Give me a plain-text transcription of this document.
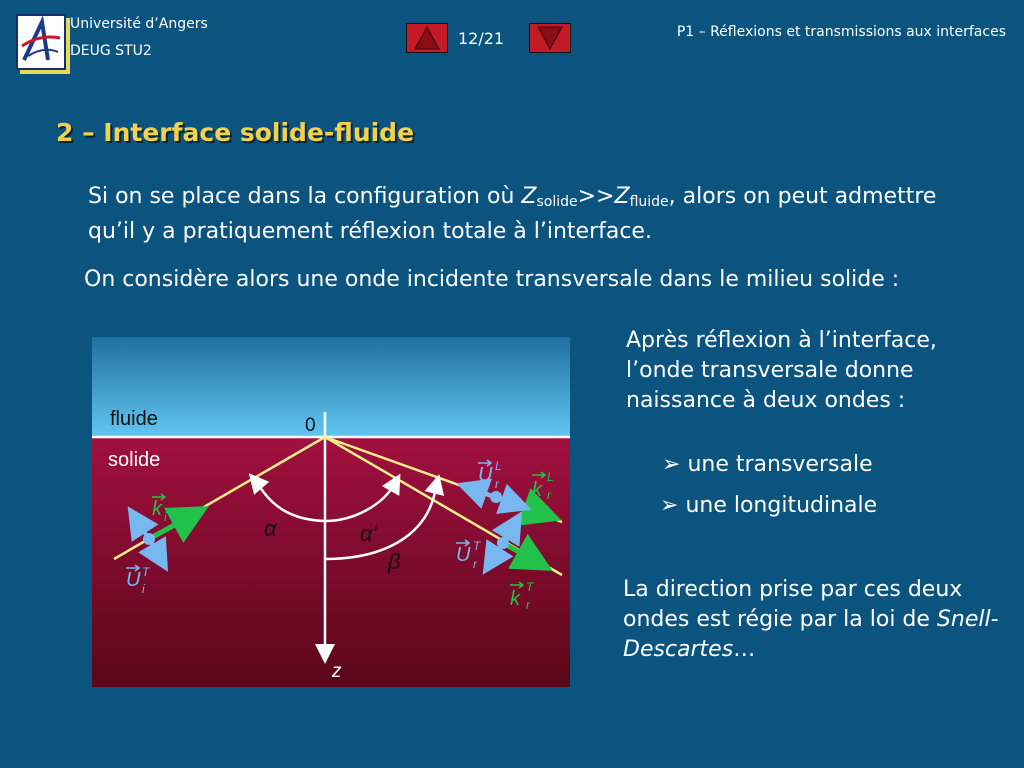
Université d’Angers
DEUG STU2
12/21	P1 – Réflexions et transmissions aux interfaces
2 – Interface solide-fluide
Si on se place dans la configuration où $Z_{solide}>>Z_{fluide}$, alors on peut admettre qu’il y a pratiquement réflexion totale à l’interface.
On considère alors une onde incidente transversale dans le milieu solide :
Après réflexion à l’interface, l’onde transversale donne naissance à deux ondes :
➢ une transversale
➢ une longitudinale
La direction prise par ces deux ondes est régie par la loi de Snell-Descartes…
fluide
solide
0
z
α	α'
β
k i
U T
i
U L
r k
L
r
U T
r
k
T
r
